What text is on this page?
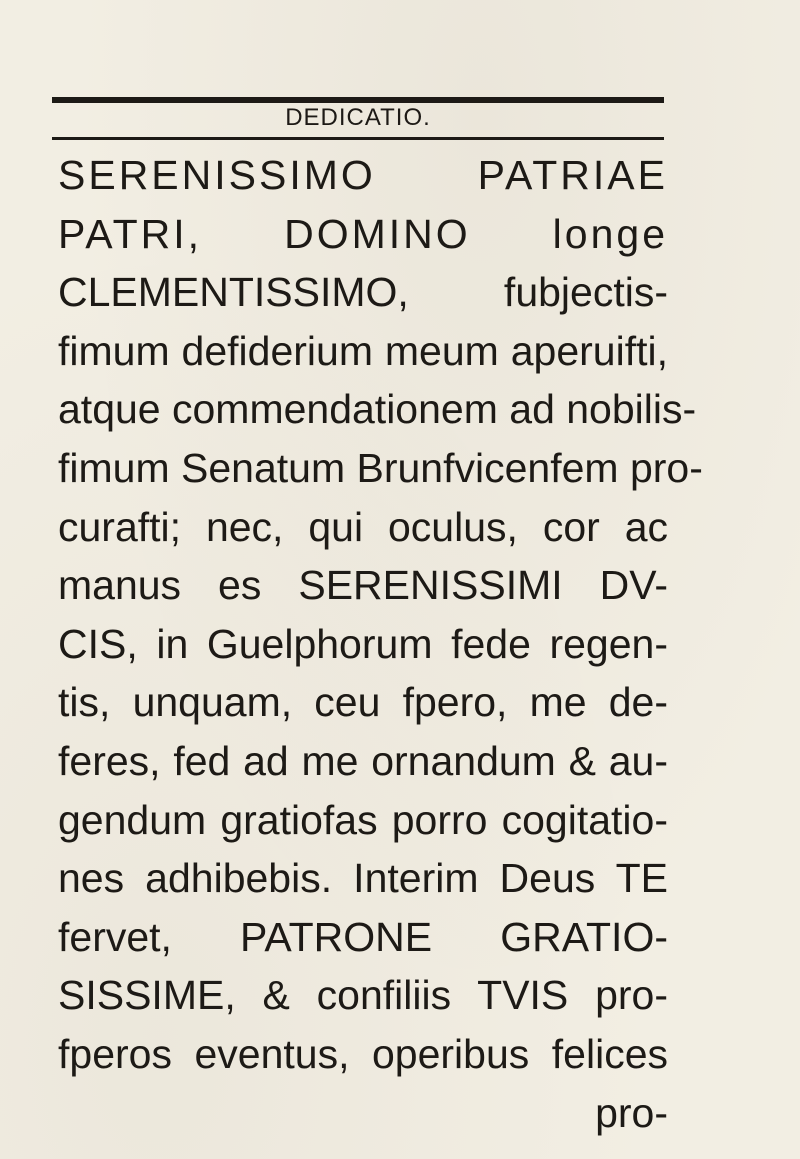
DEDICATIO.
SERENISSIMO PATRIAE
PATRI, DOMINO longe
CLEMENTISSIMO, fubjectis-
fimum defiderium meum aperuifti,
atque commendationem ad nobilis-
fimum Senatum Brunfvicenfem pro-
curafti; nec, qui oculus, cor ac
manus es SERENISSIMI DV-
CIS, in Guelphorum fede regen-
tis, unquam, ceu fpero, me de-
feres, fed ad me ornandum & au-
gendum gratiofas porro cogitatio-
nes adhibebis. Interim Deus TE
fervet, PATRONE GRATIO-
SISSIME, & confiliis TVIS pro-
fperos eventus, operibus felices
pro-
